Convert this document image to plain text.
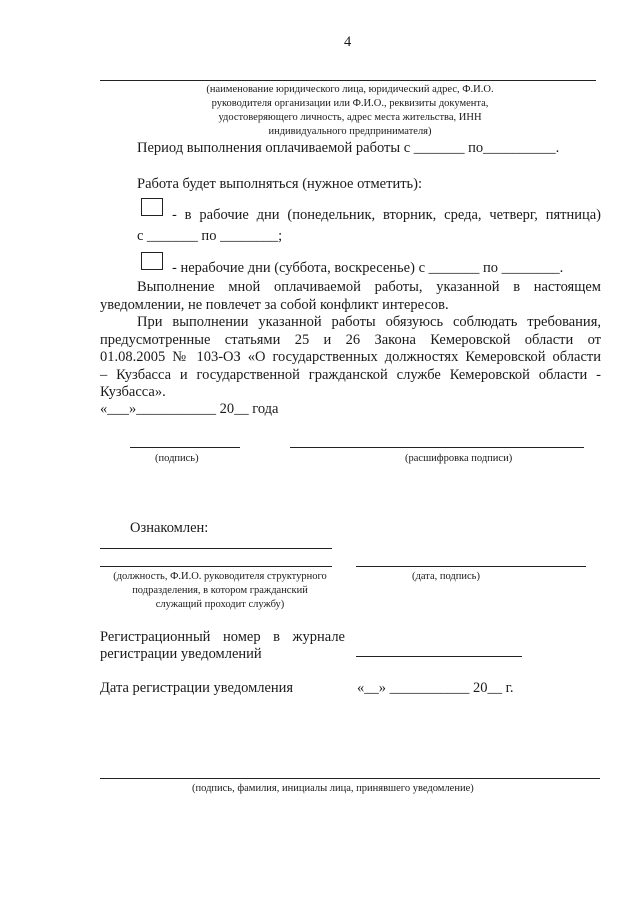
4
(наименование юридического лица, юридический адрес, Ф.И.О.
руководителя организации или Ф.И.О., реквизиты документа,
удостоверяющего личность, адрес места жительства, ИНН
индивидуального предпринимателя)
Период выполнения оплачиваемой работы с _______ по__________.
Работа будет выполняться (нужное отметить):
- в рабочие дни (понедельник, вторник, среда, четверг, пятница)
с _______ по ________;
- нерабочие дни (суббота, воскресенье) с _______ по ________.
Выполнение мной оплачиваемой работы, указанной в настоящем
уведомлении, не повлечет за собой конфликт интересов.
При выполнении указанной работы обязуюсь соблюдать требования,
предусмотренные статьями 25 и 26 Закона Кемеровской области от
01.08.2005 № 103-ОЗ «О государственных должностях Кемеровской области
– Кузбасса и государственной гражданской службе Кемеровской области -
Кузбасса».
«___»___________ 20__ года
(подпись)	(расшифровка подписи)
Ознакомлен:
(должность, Ф.И.О. руководителя структурного
подразделения, в котором гражданский
служащий проходит службу)
(дата, подпись)
Регистрационный номер в журнале
регистрации уведомлений
Дата регистрации уведомления	«__» ___________ 20__ г.
(подпись, фамилия, инициалы лица, принявшего уведомление)
